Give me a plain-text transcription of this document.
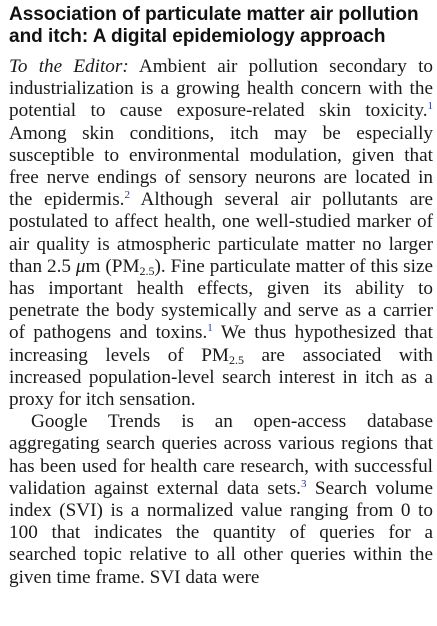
Association of particulate matter air pollution and itch: A digital epidemiology approach

To the Editor: Ambient air pollution secondary to industrialization is a growing health concern with the potential to cause exposure-related skin toxicity.$^1$ Among skin conditions, itch may be especially susceptible to environmental modulation, given that free nerve endings of sensory neurons are located in the epidermis.$^2$ Although several air pollutants are postulated to affect health, one well-studied marker of air quality is atmospheric particulate matter no larger than 2.5 μm $(PM_{2.5})$. Fine particulate matter of this size has important health effects, given its ability to penetrate the body systemically and serve as a carrier of pathogens and toxins.$^1$ We thus hypothesized that increasing levels of $PM_{2.5}$ are associated with increased population-level search interest in itch as a proxy for itch sensation.

Google Trends is an open-access database aggregating search queries across various regions that has been used for health care research, with successful validation against external data sets.$^3$ Search volume index (SVI) is a normalized value ranging from 0 to 100 that indicates the quantity of queries for a searched topic relative to all other queries within the given time frame. SVI data were
